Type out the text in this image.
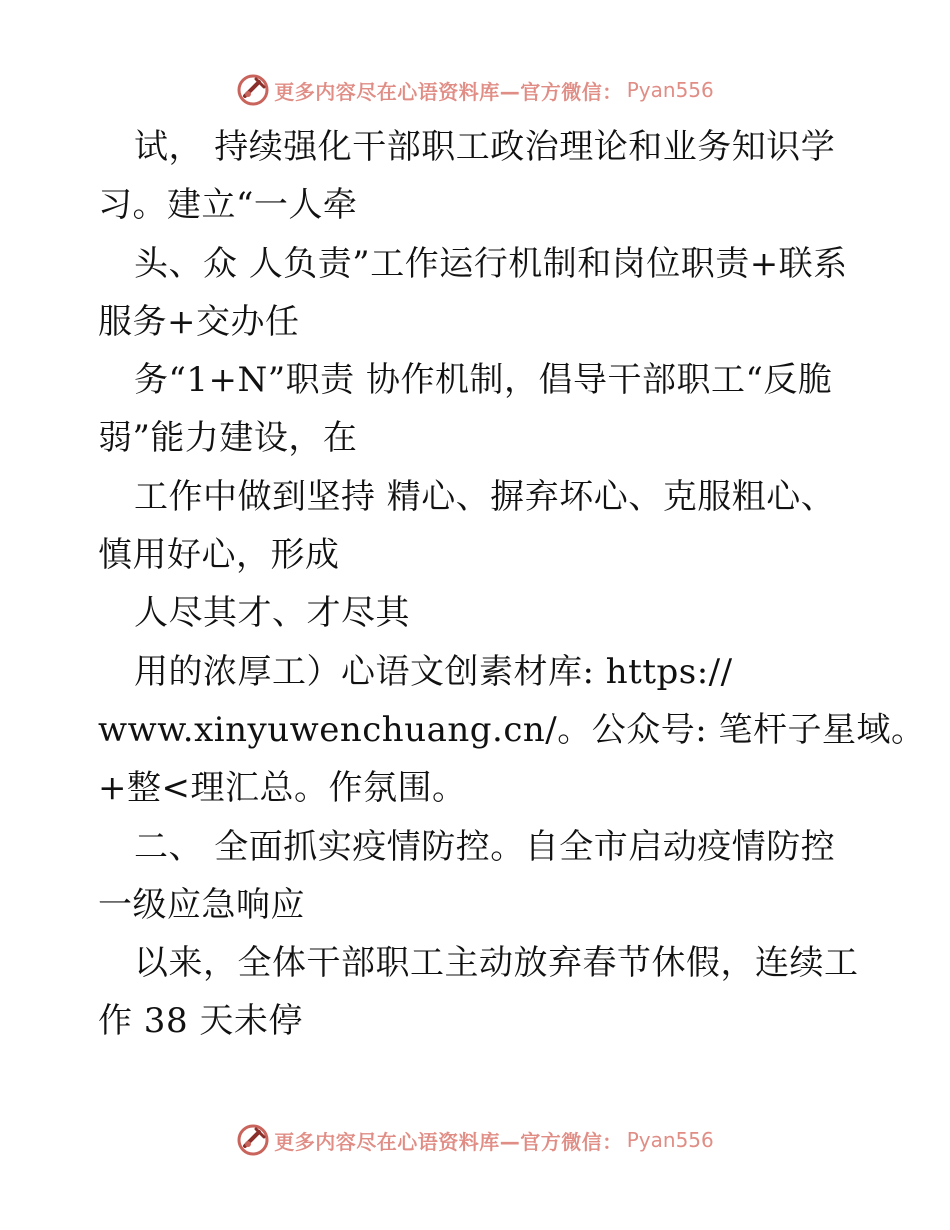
更多内容尽在心语资料库—官方微信： Pyan556
试， 持续强化干部职工政治理论和业务知识学
习。建立“一人牵
头、众 人负责”工作运行机制和岗位职责+联系
服务+交办任
务“1+N”职责 协作机制，倡导干部职工“反脆
弱”能力建设，在
工作中做到坚持 精心、摒弃坏心、克服粗心、
慎用好心，形成
人尽其才、才尽其
用的浓厚工）心语文创素材库: https://
www.xinyuwenchuang.cn/。公众号: 笔杆子星域。
+整<理汇总。作氛围。
二、 全面抓实疫情防控。自全市启动疫情防控
一级应急响应
以来，全体干部职工主动放弃春节休假，连续工
作 38 天未停
更多内容尽在心语资料库—官方微信： Pyan556
